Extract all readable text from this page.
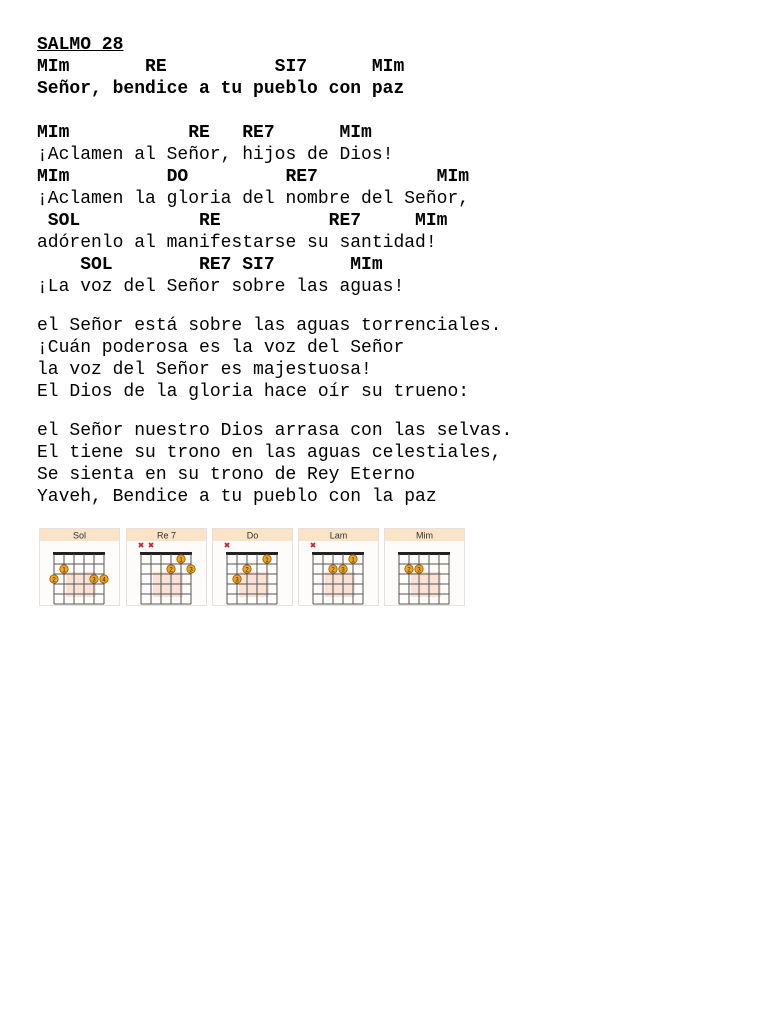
SALMO 28

MIm       RE          SI7      MIm

Señor, bendice a tu pueblo con paz

MIm           RE   RE7      MIm

¡Aclamen al Señor, hijos de Dios!

MIm         DO         RE7           MIm

¡Aclamen la gloria del nombre del Señor,

SOL           RE          RE7     MIm

adórenlo al manifestarse su santidad!

SOL        RE7 SI7       MIm

¡La voz del Señor sobre las aguas!

el Señor está sobre las aguas torrenciales.

¡Cuán poderosa es la voz del Señor

la voz del Señor es majestuosa!

El Dios de la gloria hace oír su trueno:

el Señor nuestro Dios arrasa con las selvas.

El tiene su trono en las aguas celestiales,

Se sienta en su trono de Rey Eterno

Yaveh, Bendice a tu pueblo con la paz

Sol
2
1
3 4
Re 7
2
1
3
Do
3
2
1
Lam
2 3
1
Mim
2 3
